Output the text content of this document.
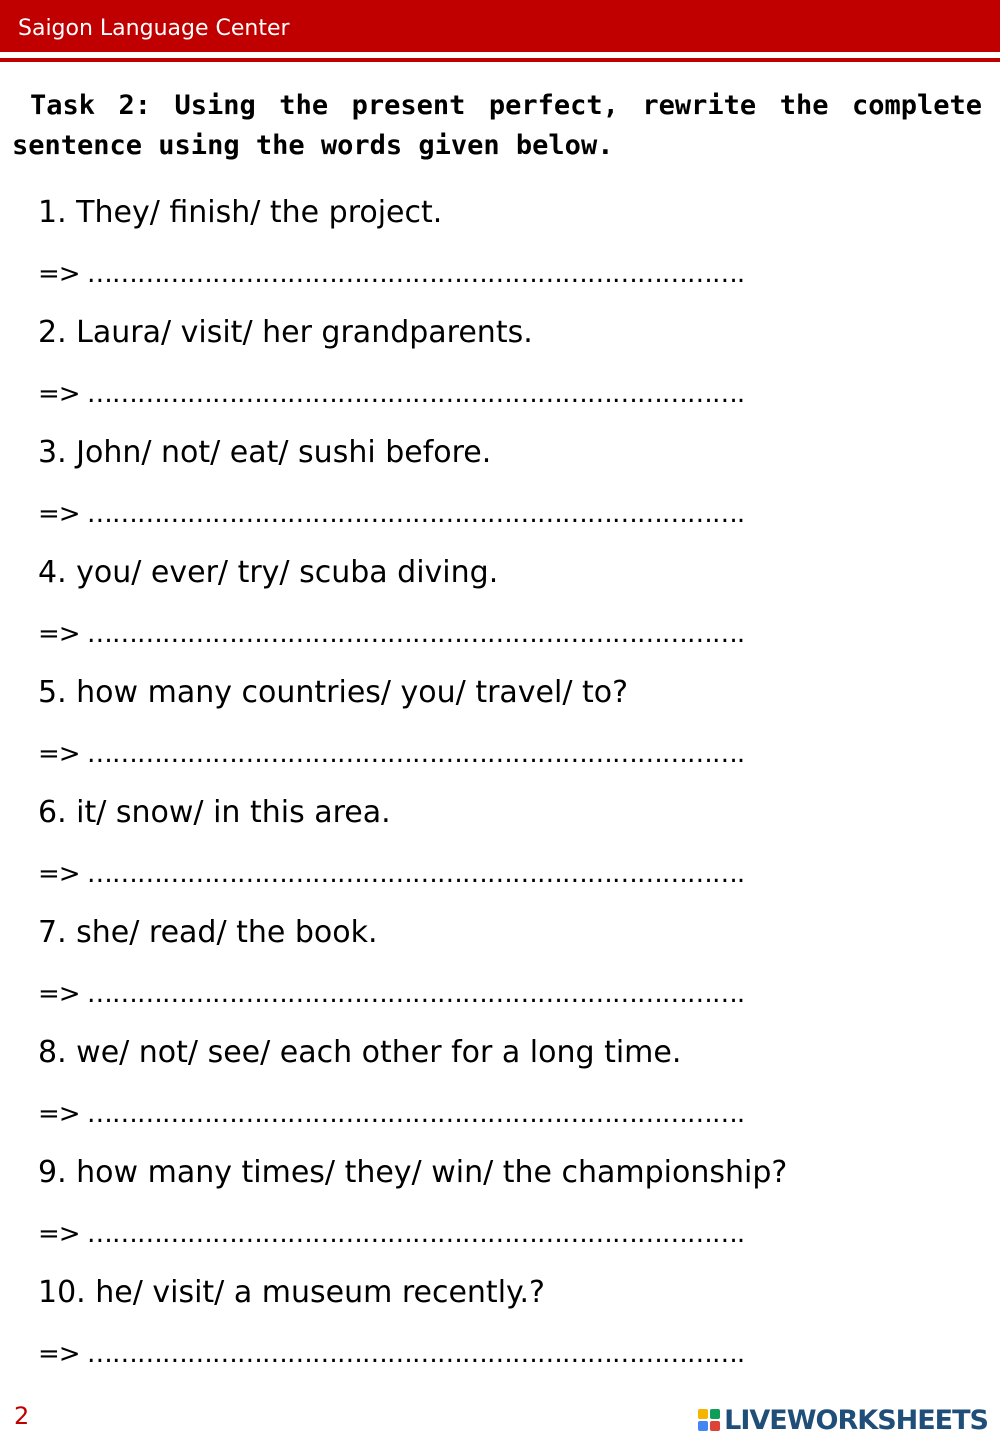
Saigon Language Center
Task 2: Using the present perfect, rewrite the complete sentence using the words given below.
1. They/ finish/ the project.
=> …………………………………………………………………….
2. Laura/ visit/ her grandparents.
=> …………………………………………………………………….
3. John/ not/ eat/ sushi before.
=> …………………………………………………………………….
4. you/ ever/ try/ scuba diving.
=> …………………………………………………………………….
5. how many countries/ you/ travel/ to?
=> …………………………………………………………………….
6. it/ snow/ in this area.
=> …………………………………………………………………….
7. she/ read/ the book.
=> …………………………………………………………………….
8. we/ not/ see/ each other for a long time.
=> …………………………………………………………………….
9. how many times/ they/ win/ the championship?
=> …………………………………………………………………….
10. he/ visit/ a museum recently.?
=> …………………………………………………………………….
2	LIVEWORKSHEETS
